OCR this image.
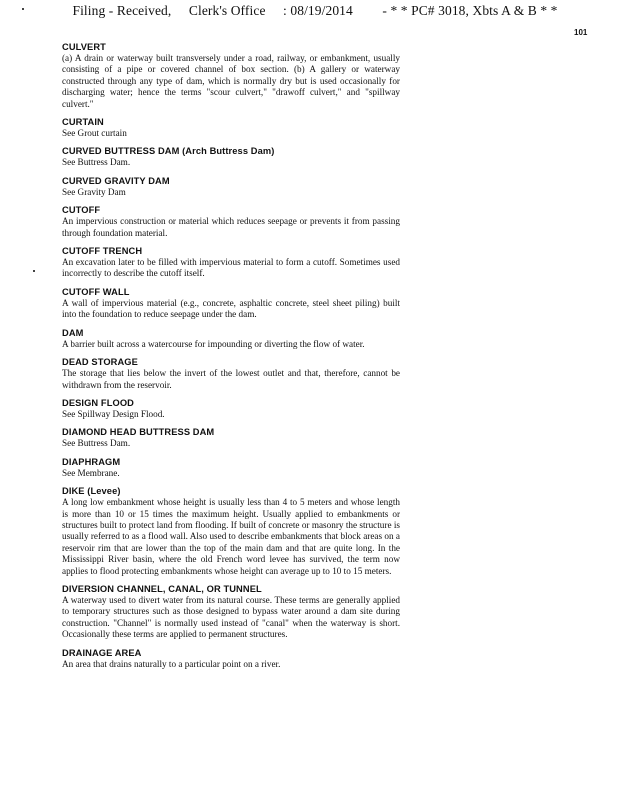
Filing - Received, Clerk's Office : 08/19/2014 - * * PC# 3018, Xbts A & B * *
101
CULVERT
(a) A drain or waterway built transversely under a road, railway, or embankment, usually consisting of a pipe or covered channel of box section. (b) A gallery or waterway constructed through any type of dam, which is normally dry but is used occasionally for discharging water; hence the terms "scour culvert," "drawoff culvert," and "spillway culvert."
CURTAIN
See Grout curtain
CURVED BUTTRESS DAM (Arch Buttress Dam)
See Buttress Dam.
CURVED GRAVITY DAM
See Gravity Dam
CUTOFF
An impervious construction or material which reduces seepage or prevents it from passing through foundation material.
CUTOFF TRENCH
An excavation later to be filled with impervious material to form a cutoff. Sometimes used incorrectly to describe the cutoff itself.
CUTOFF WALL
A wall of impervious material (e.g., concrete, asphaltic concrete, steel sheet piling) built into the foundation to reduce seepage under the dam.
DAM
A barrier built across a watercourse for impounding or diverting the flow of water.
DEAD STORAGE
The storage that lies below the invert of the lowest outlet and that, therefore, cannot be withdrawn from the reservoir.
DESIGN FLOOD
See Spillway Design Flood.
DIAMOND HEAD BUTTRESS DAM
See Buttress Dam.
DIAPHRAGM
See Membrane.
DIKE (Levee)
A long low embankment whose height is usually less than 4 to 5 meters and whose length is more than 10 or 15 times the maximum height. Usually applied to embankments or structures built to protect land from flooding. If built of concrete or masonry the structure is usually referred to as a flood wall. Also used to describe embankments that block areas on a reservoir rim that are lower than the top of the main dam and that are quite long. In the Mississippi River basin, where the old French word levee has survived, the term now applies to flood protecting embankments whose height can average up to 10 to 15 meters.
DIVERSION CHANNEL, CANAL, OR TUNNEL
A waterway used to divert water from its natural course. These terms are generally applied to temporary structures such as those designed to bypass water around a dam site during construction. "Channel" is normally used instead of "canal" when the waterway is short. Occasionally these terms are applied to permanent structures.
DRAINAGE AREA
An area that drains naturally to a particular point on a river.
